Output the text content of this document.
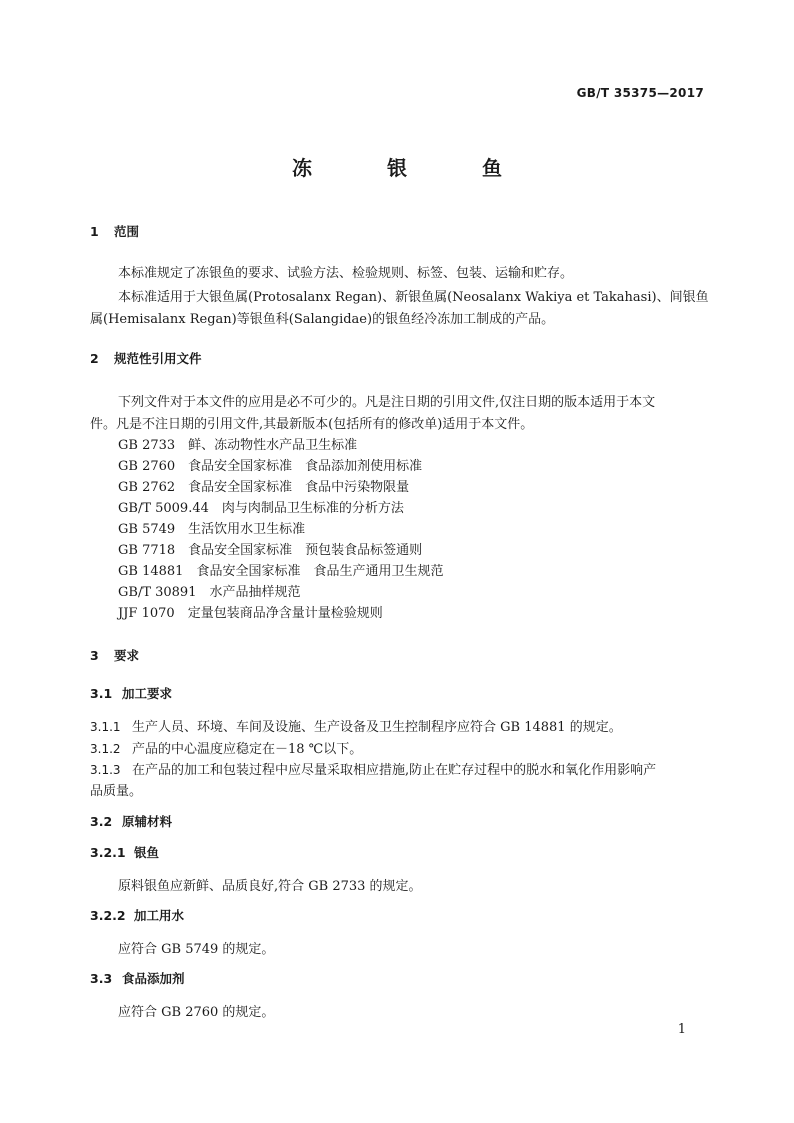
GB/T 35375—2017
冻 银 鱼
1 范围
本标准规定了冻银鱼的要求、试验方法、检验规则、标签、包装、运输和贮存。
本标准适用于大银鱼属(Protosalanx Regan)、新银鱼属(Neosalanx Wakiya et Takahasi)、间银鱼
属(Hemisalanx Regan)等银鱼科(Salangidae)的银鱼经冷冻加工制成的产品。
2 规范性引用文件
下列文件对于本文件的应用是必不可少的。凡是注日期的引用文件,仅注日期的版本适用于本文
件。凡是不注日期的引用文件,其最新版本(包括所有的修改单)适用于本文件。
GB 2733　 鲜、冻动物性水产品卫生标准
GB 2760　 食品安全国家标准　食品添加剂使用标准
GB 2762　 食品安全国家标准　食品中污染物限量
GB/T 5009.44　 肉与肉制品卫生标准的分析方法
GB 5749　 生活饮用水卫生标准
GB 7718　 食品安全国家标准　预包装食品标签通则
GB 14881　 食品安全国家标准　食品生产通用卫生规范
GB/T 30891　 水产品抽样规范
JJF 1070　 定量包装商品净含量计量检验规则
3 要求
3.1 加工要求
3.1.1 生产人员、环境、车间及设施、生产设备及卫生控制程序应符合 GB 14881 的规定。
3.1.2 产品的中心温度应稳定在－18 ℃以下。
3.1.3 在产品的加工和包装过程中应尽量采取相应措施,防止在贮存过程中的脱水和氧化作用影响产
品质量。
3.2 原辅材料
3.2.1 银鱼
原料银鱼应新鲜、品质良好,符合 GB 2733 的规定。
3.2.2 加工用水
应符合 GB 5749 的规定。
3.3 食品添加剂
应符合 GB 2760 的规定。
1
